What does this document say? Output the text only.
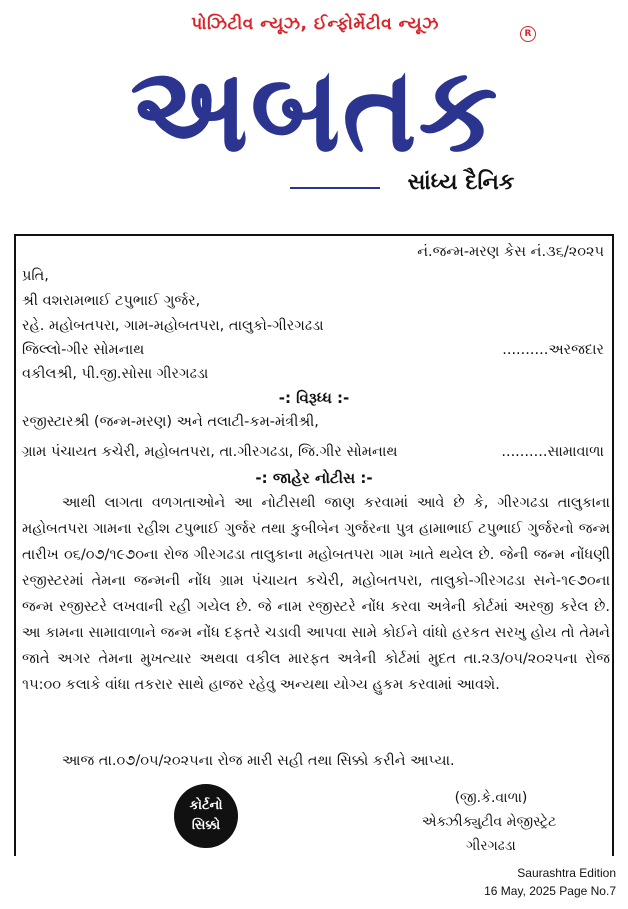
પોઝિટીવ ન્યૂઝ, ઈન્ફોર્મેટીવ ન્યૂઝ	R
અબતક
સાંધ્ય દૈનિક
નં.જન્મ-મરણ કેસ નં.૩૬/૨૦૨૫
પ્રતિ,
શ્રી વશરામભાઈ ટપુભાઈ ગુર્જર,
રહે. મહોબતપરા, ગામ-મહોબતપરા, તાલુકો-ગીરગઢડા
જિલ્લો-ગીર સોમનાથ	..........અરજદાર
વકીલશ્રી, પી.જી.સોસા ગીરગઢડા
-: વિરૂધ્ધ :-
રજીસ્ટારશ્રી (જન્મ-મરણ) અને તલાટી-કમ-મંત્રીશ્રી,
ગ્રામ પંચાયત કચેરી, મહોબતપરા, તા.ગીરગઢડા, જિ.ગીર સોમનાથ	..........સામાવાળા
-: જાહેર નોટીસ :-
આથી લાગતા વળગતાઓને આ નોટીસથી જાણ કરવામાં આવે છે કે, ગીરગઢડા તાલુકાના મહોબતપરા ગામના રહીશ ટપુભાઈ ગુર્જર તથા કુબીબેન ગુર્જરના પુત્ર હામાભાઈ ટપુભાઈ ગુર્જરનો જન્મ તારીખ ૦૬/૦૭/૧૯૭૦ના રોજ ગીરગઢડા તાલુકાના મહોબતપરા ગામ ખાતે થયેલ છે. જેની જન્મ નોંધણી રજીસ્ટરમાં તેમના જન્મની નોંધ ગ્રામ પંચાયત કચેરી, મહોબતપરા, તાલુકો-ગીરગઢડા સને-૧૯૭૦ના જન્મ રજીસ્ટરે લખવાની રહી ગયેલ છે. જે નામ રજીસ્ટરે નોંધ કરવા અત્રેની કોર્ટમાં અરજી કરેલ છે. આ કામના સામાવાળાને જન્મ નોંધ દફતરે ચડાવી આપવા સામે કોઈને વાંધો હરકત સરખુ હોય તો તેમને જાતે અગર તેમના મુખત્યાર અથવા વકીલ મારફત અત્રેની કોર્ટમાં મુદત તા.૨૩/૦૫/૨૦૨૫ના રોજ ૧૫:૦૦ કલાકે વાંધા તકરાર સાથે હાજર રહેવુ અન્યથા યોગ્ય હુકમ કરવામાં આવશે.
આજ તા.૦૭/૦૫/૨૦૨૫ના રોજ મારી સહી તથા સિક્કો કરીને આપ્યા.
કોર્ટનો
સિક્કો
(જી.કે.વાળા)
એક્ઝીક્યુટીવ મેજીસ્ટ્રેટ
ગીરગઢડા
Saurashtra Edition
16 May, 2025 Page No.7
